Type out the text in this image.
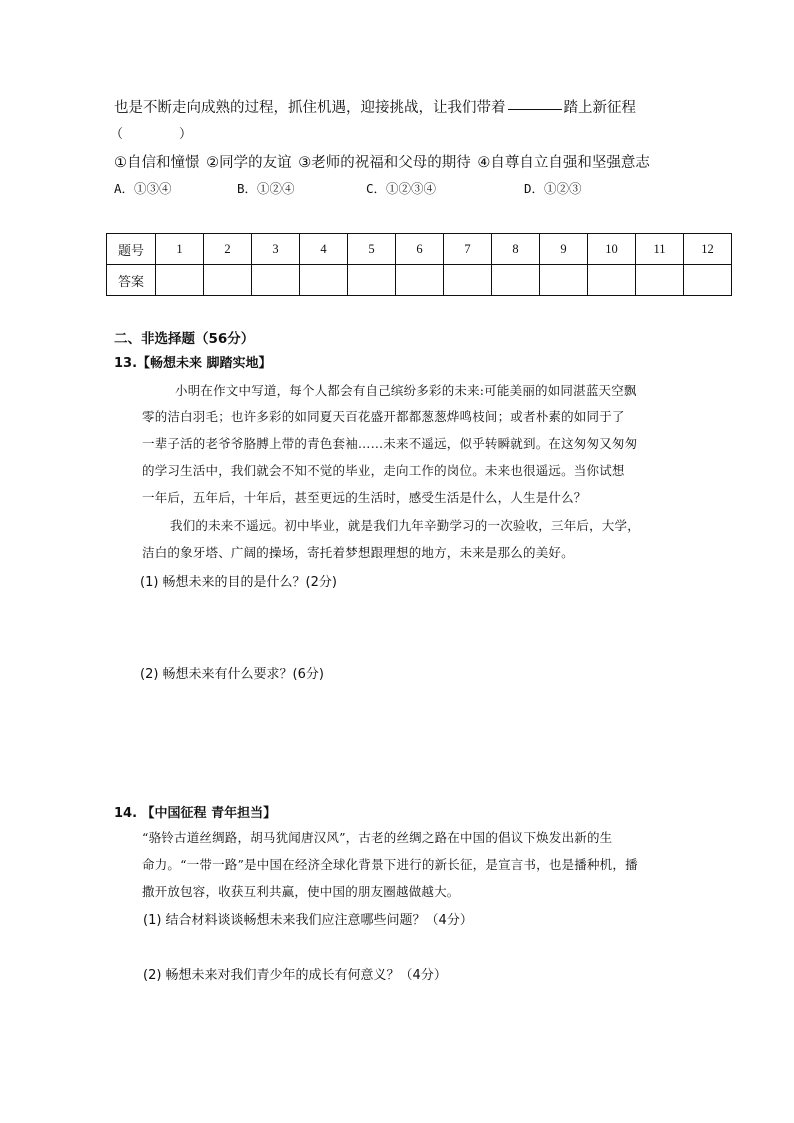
也是不断走向成熟的过程，抓住机遇，迎接挑战，让我们带着	踏上新征程
（	）
①自信和憧憬 ②同学的友谊 ③老师的祝福和父母的期待 ④自尊自立自强和坚强意志
A．①③④	B．①②④	C．①②③④	D．①②③
题号	1	2	3	4	5	6	7	8	9	10	11	12
答案												
二、非选择题（56分）
13.【畅想未来 脚踏实地】
小明在作文中写道，每个人都会有自己缤纷多彩的未来:可能美丽的如同湛蓝天空飘
零的洁白羽毛；也许多彩的如同夏天百花盛开都都葱葱烨鸣枝间；或者朴素的如同于了
一辈子活的老爷爷胳膊上带的青色套袖……未来不遥远，似乎转瞬就到。在这匆匆又匆匆
的学习生活中，我们就会不知不觉的毕业，走向工作的岗位。未来也很遥远。当你试想
一年后，五年后，十年后，甚至更远的生活时，感受生活是什么，人生是什么？
我们的未来不遥远。初中毕业，就是我们九年辛勤学习的一次验收，三年后，大学，
洁白的象牙塔、广阔的操场，寄托着梦想跟理想的地方，未来是那么的美好。
(1) 畅想未来的目的是什么？(2分)
(2) 畅想未来有什么要求？(6分)
14. 【中国征程 青年担当】
“骆铃古道丝绸路，胡马犹闻唐汉风”，古老的丝绸之路在中国的倡议下焕发出新的生
命力。“一带一路”是中国在经济全球化背景下进行的新长征，是宣言书，也是播种机，播
撒开放包容，收获互利共赢，使中国的朋友圈越做越大。
(1) 结合材料谈谈畅想未来我们应注意哪些问题？（4分）
(2) 畅想未来对我们青少年的成长有何意义？（4分）
